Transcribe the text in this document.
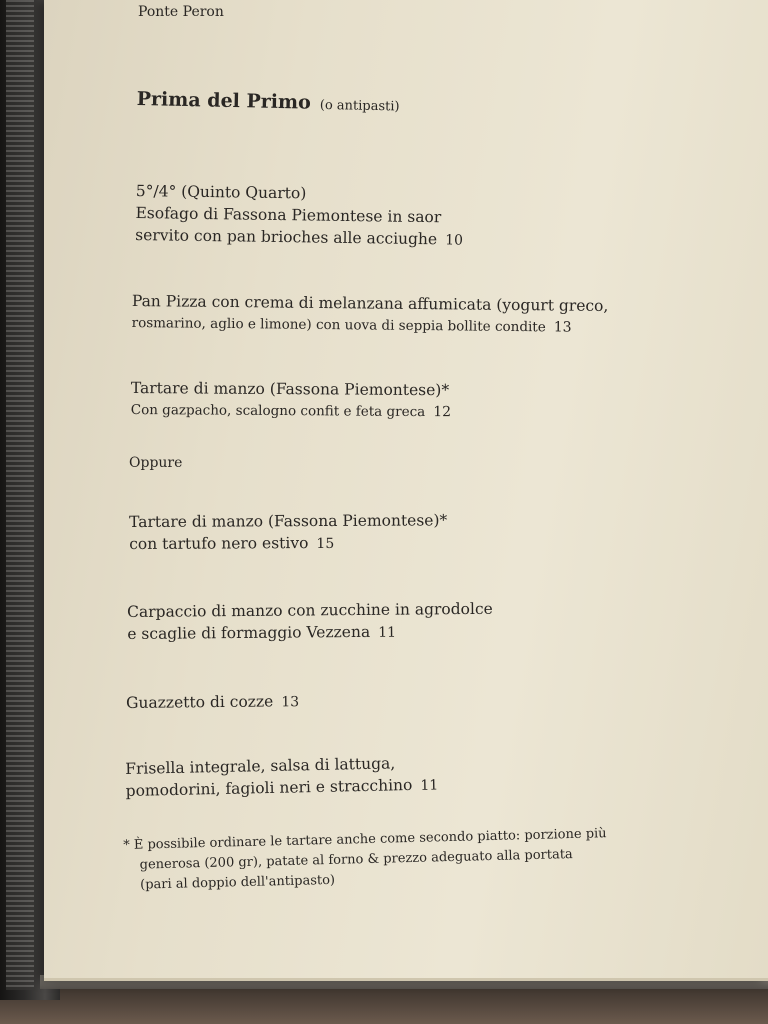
Ponte Peron
Prima del Primo (o antipasti)
5°/4° (Quinto Quarto)
Esofago di Fassona Piemontese in saor
servito con pan brioches alle acciughe 10
Pan Pizza con crema di melanzana affumicata (yogurt greco,
rosmarino, aglio e limone) con uova di seppia bollite condite 13
Tartare di manzo (Fassona Piemontese)*
Con gazpacho, scalogno confit e feta greca 12
Oppure
Tartare di manzo (Fassona Piemontese)*
con tartufo nero estivo 15
Carpaccio di manzo con zucchine in agrodolce
e scaglie di formaggio Vezzena 11
Guazzetto di cozze 13
Frisella integrale, salsa di lattuga,
pomodorini, fagioli neri e stracchino 11
* È possibile ordinare le tartare anche come secondo piatto: porzione più
generosa (200 gr), patate al forno & prezzo adeguato alla portata
(pari al doppio dell'antipasto)
